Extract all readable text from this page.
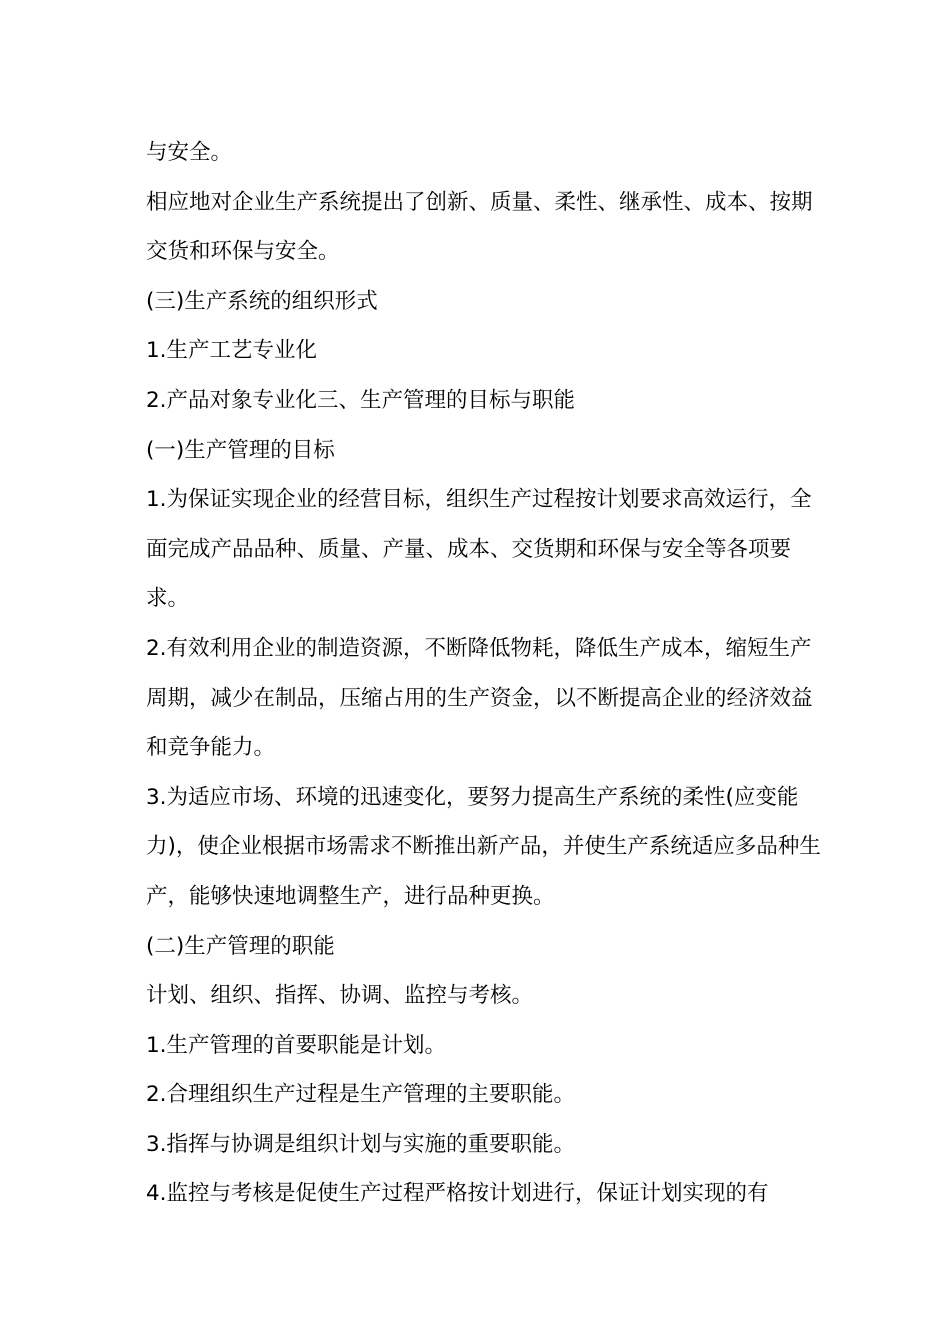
与安全。

相应地对企业生产系统提出了创新、质量、柔性、继承性、成本、按期交货和环保与安全。

(三)生产系统的组织形式

1.生产工艺专业化

2.产品对象专业化三、生产管理的目标与职能

(一)生产管理的目标

1.为保证实现企业的经营目标，组织生产过程按计划要求高效运行，全面完成产品品种、质量、产量、成本、交货期和环保与安全等各项要求。

2.有效利用企业的制造资源，不断降低物耗，降低生产成本，缩短生产周期，减少在制品，压缩占用的生产资金，以不断提高企业的经济效益和竞争能力。

3.为适应市场、环境的迅速变化，要努力提高生产系统的柔性(应变能力)，使企业根据市场需求不断推出新产品，并使生产系统适应多品种生产，能够快速地调整生产，进行品种更换。

(二)生产管理的职能

计划、组织、指挥、协调、监控与考核。

1.生产管理的首要职能是计划。

2.合理组织生产过程是生产管理的主要职能。

3.指挥与协调是组织计划与实施的重要职能。

4.监控与考核是促使生产过程严格按计划进行，保证计划实现的有
